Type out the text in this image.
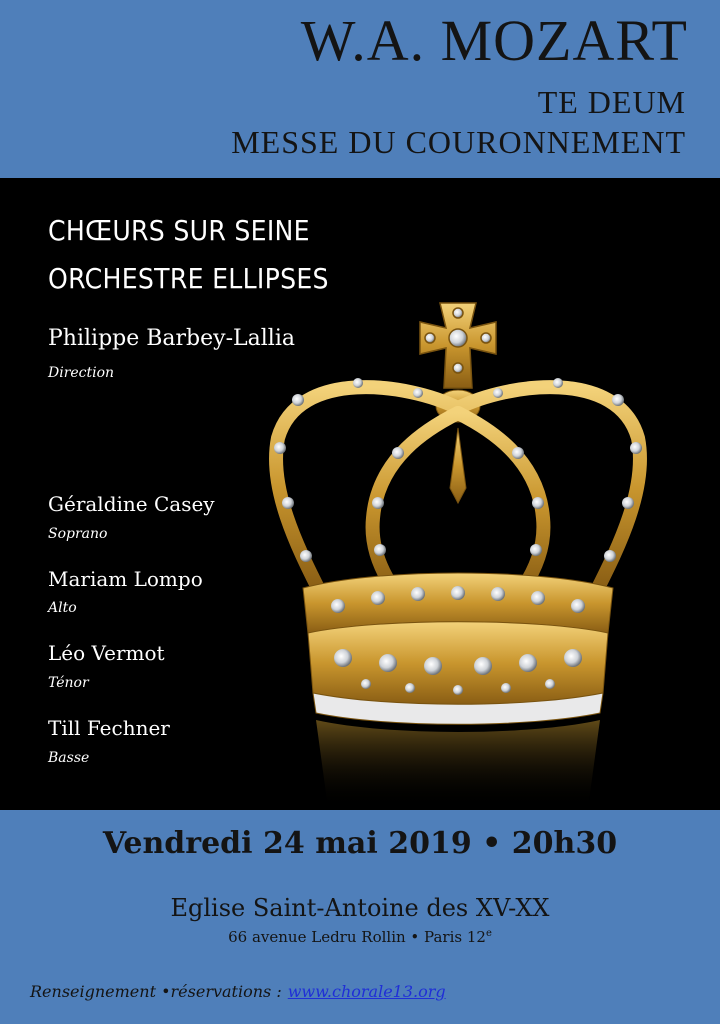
W.A. MOZART
TE DEUM
MESSE DU COURONNEMENT
CHŒURS SUR SEINE
ORCHESTRE ELLIPSES
Philippe Barbey-Lallia
Direction
Géraldine Casey
Soprano
Mariam Lompo
Alto
Léo Vermot
Ténor
Till Fechner
Basse
Vendredi 24 mai 2019 • 20h30
Eglise Saint-Antoine des XV-XX
66 avenue Ledru Rollin • Paris 12e
Renseignement •réservations : www.chorale13.org
